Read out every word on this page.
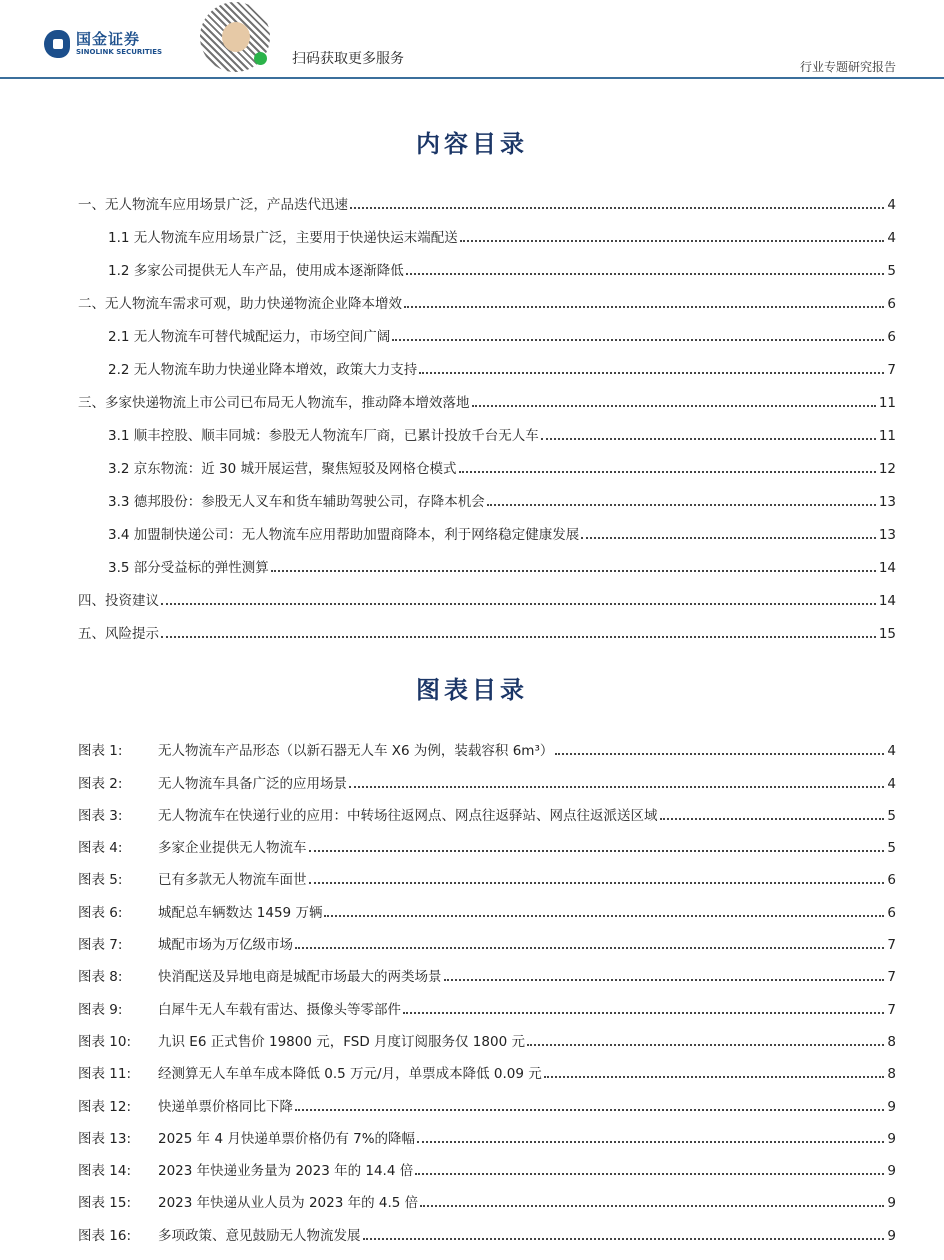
国金证券
SINOLINK SECURITIES	扫码获取更多服务	行业专题研究报告
内容目录
一、无人物流车应用场景广泛，产品迭代迅速	4
1.1 无人物流车应用场景广泛，主要用于快递快运末端配送	4
1.2 多家公司提供无人车产品，使用成本逐渐降低	5
二、无人物流车需求可观，助力快递物流企业降本增效	6
2.1 无人物流车可替代城配运力，市场空间广阔	6
2.2 无人物流车助力快递业降本增效，政策大力支持	7
三、多家快递物流上市公司已布局无人物流车，推动降本增效落地	11
3.1 顺丰控股、顺丰同城：参股无人物流车厂商，已累计投放千台无人车	11
3.2 京东物流：近 30 城开展运营，聚焦短驳及网格仓模式	12
3.3 德邦股份：参股无人叉车和货车辅助驾驶公司，存降本机会	13
3.4 加盟制快递公司：无人物流车应用帮助加盟商降本，利于网络稳定健康发展	13
3.5 部分受益标的弹性测算	14
四、投资建议	14
五、风险提示	15
图表目录
图表 1:	无人物流车产品形态（以新石器无人车 X6 为例，装载容积 6m³）	4
图表 2:	无人物流车具备广泛的应用场景	4
图表 3:	无人物流车在快递行业的应用：中转场往返网点、网点往返驿站、网点往返派送区域	5
图表 4:	多家企业提供无人物流车	5
图表 5:	已有多款无人物流车面世	6
图表 6:	城配总车辆数达 1459 万辆	6
图表 7:	城配市场为万亿级市场	7
图表 8:	快消配送及异地电商是城配市场最大的两类场景	7
图表 9:	白犀牛无人车载有雷达、摄像头等零部件	7
图表 10:	九识 E6 正式售价 19800 元，FSD 月度订阅服务仅 1800 元	8
图表 11:	经测算无人车单车成本降低 0.5 万元/月，单票成本降低 0.09 元	8
图表 12:	快递单票价格同比下降	9
图表 13:	2025 年 4 月快递单票价格仍有 7%的降幅	9
图表 14:	2023 年快递业务量为 2023 年的 14.4 倍	9
图表 15:	2023 年快递从业人员为 2023 年的 4.5 倍	9
图表 16:	多项政策、意见鼓励无人物流发展	9
